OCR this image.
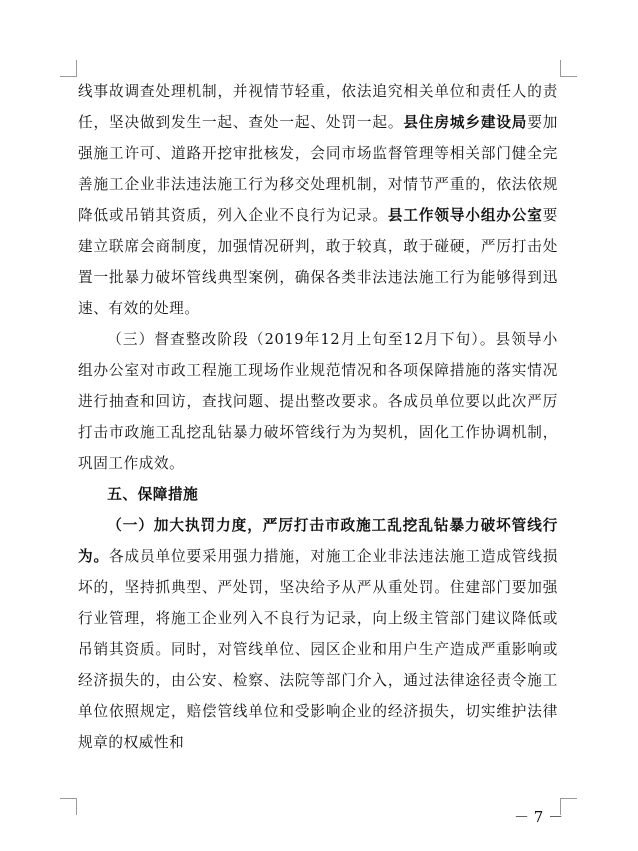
线事故调查处理机制，并视情节轻重，依法追究相关单位和责任人的责任，坚决做到发生一起、查处一起、处罚一起。县住房城乡建设局要加强施工许可、道路开挖审批核发，会同市场监督管理等相关部门健全完善施工企业非法违法施工行为移交处理机制，对情节严重的，依法依规降低或吊销其资质，列入企业不良行为记录。县工作领导小组办公室要建立联席会商制度，加强情况研判，敢于较真，敢于碰硬，严厉打击处置一批暴力破坏管线典型案例，确保各类非法违法施工行为能够得到迅速、有效的处理。

（三）督查整改阶段（2019年12月上旬至12月下旬）。县领导小组办公室对市政工程施工现场作业规范情况和各项保障措施的落实情况进行抽查和回访，查找问题、提出整改要求。各成员单位要以此次严厉打击市政施工乱挖乱钻暴力破坏管线行为为契机，固化工作协调机制，巩固工作成效。

五、保障措施

（一）加大执罚力度，严厉打击市政施工乱挖乱钻暴力破坏管线行为。各成员单位要采用强力措施，对施工企业非法违法施工造成管线损坏的，坚持抓典型、严处罚，坚决给予从严从重处罚。住建部门要加强行业管理，将施工企业列入不良行为记录，向上级主管部门建议降低或吊销其资质。同时，对管线单位、园区企业和用户生产造成严重影响或经济损失的，由公安、检察、法院等部门介入，通过法律途径责令施工单位依照规定，赔偿管线单位和受影响企业的经济损失，切实维护法律规章的权威性和

－ 7 －
